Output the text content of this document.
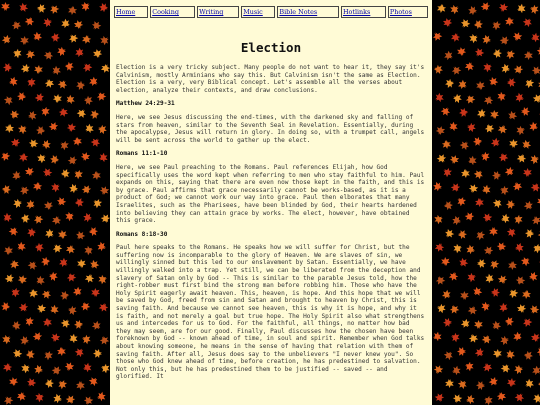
Home	Cooking	Writing	Music	Bible Notes	Hotlinks	Photos
Election

Election is a very tricky subject. Many people do not want to hear it, they say it's Calvinism, mostly Arminians who say this. But Calvinism isn't the same as Election. Election is a very, very Biblical concept. Let's assemble all the verses about election, analyze their contexts, and draw conclusions.

Matthew 24:29-31

Here, we see Jesus discussing the end-times, with the darkened sky and falling of stars from heaven, similar to the Seventh Seal in Revelation. Essentially, during the apocalypse, Jesus will return in glory. In doing so, with a trumpet call, angels will be sent across the world to gather up the elect.

Romans 11:1-10

Here, we see Paul preaching to the Romans. Paul references Elijah, how God specifically uses the word kept when referring to men who stay faithful to him. Paul expands on this, saying that there are even now those kept in the faith, and this is by grace. Paul affirms that grace necessarily cannot be works-based, as it is a product of God; we cannot work our way into grace. Paul then elborates that many Israelites, such as the Pharisees, have been blinded by God, their hearts hardened into believing they can attain grace by works. The elect, however, have obtained this grace.

Romans 8:18-30

Paul here speaks to the Romans. He speaks how we will suffer for Christ, but the suffering now is incomparable to the glory of Heaven. We are slaves of sin, we willingly sinned but this led to our enslavement by Satan. Essentially, we have willingly walked into a trap. Yet still, we can be liberated from the deception and slavery of Satan only by God -- This is similar to the parable Jesus told, how the right-robber must first bind the strong man before robbing him. Those who have the Holy Spirit eagerly await heaven. This, heaven, is hope. And this hope that we will be saved by God, freed from sin and Satan and brought to heaven by Christ, this is saving faith. And because we cannot see heaven, this is why it is hope, and why it is faith, and not merely a goal but true hope. The Holy Spirit also what strengthens us and intercedes for us to God. For the faithful, all things, no matter how bad they may seem, are for our good. Finally, Paul discusses how the chosen have been foreknown by God -- known ahead of time, in soul and spirit. Remember when God talks about knowing someone, he means in the sense of having that relation with them of saving faith. After all, Jesus does say to the unbelievers "I never knew you". So those who God knew ahead of time, before creation, he has predestined to salvation. Not only this, but he has predestined them to be justified -- saved -- and glorified. It
